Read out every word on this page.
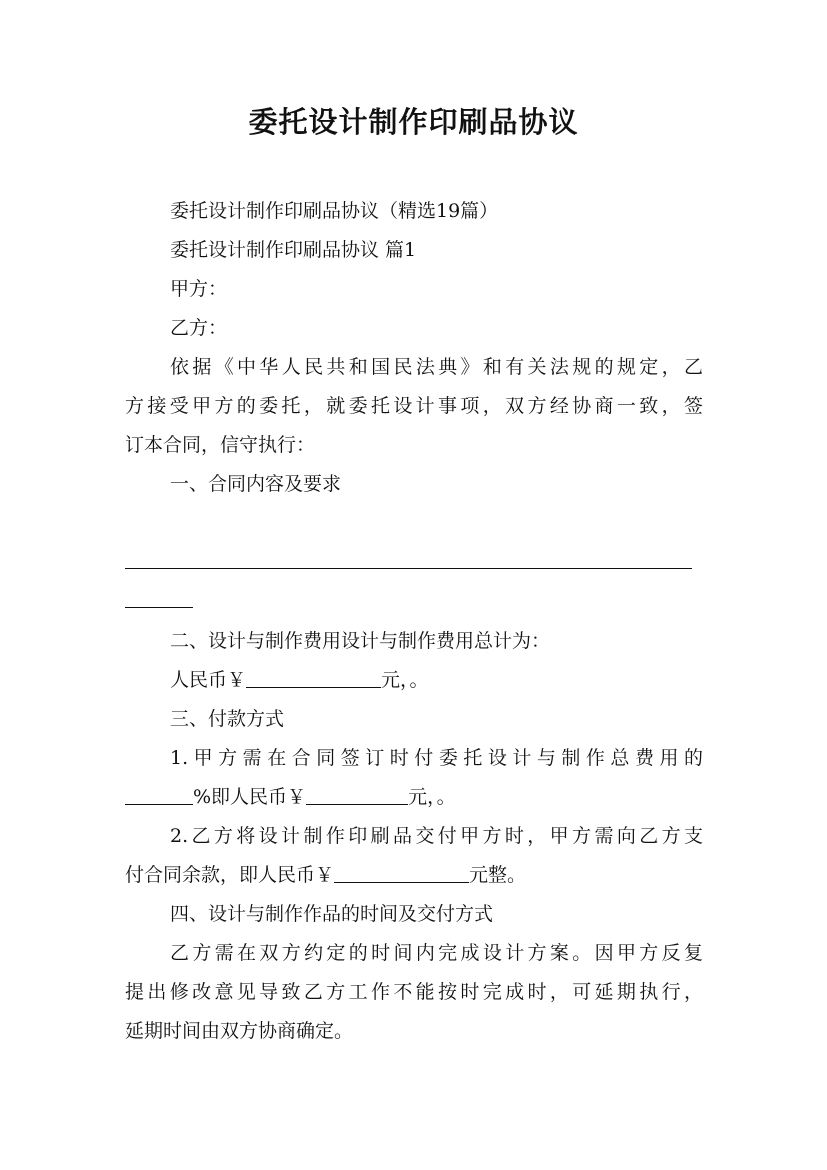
委托设计制作印刷品协议
委托设计制作印刷品协议（精选19篇）
委托设计制作印刷品协议 篇1
甲方：
乙方：
依据《中华人民共和国民法典》和有关法规的规定，乙
方接受甲方的委托，就委托设计事项，双方经协商一致，签
订本合同，信守执行：
一、合同内容及要求
二、设计与制作费用设计与制作费用总计为：
人民币￥	元，。
三、付款方式
1.甲方需在合同签订时付委托设计与制作总费用的
%即人民币￥	元，。
2.乙方将设计制作印刷品交付甲方时，甲方需向乙方支
付合同余款，即人民币￥	元整。
四、设计与制作作品的时间及交付方式
乙方需在双方约定的时间内完成设计方案。因甲方反复
提出修改意见导致乙方工作不能按时完成时，可延期执行，
延期时间由双方协商确定。
